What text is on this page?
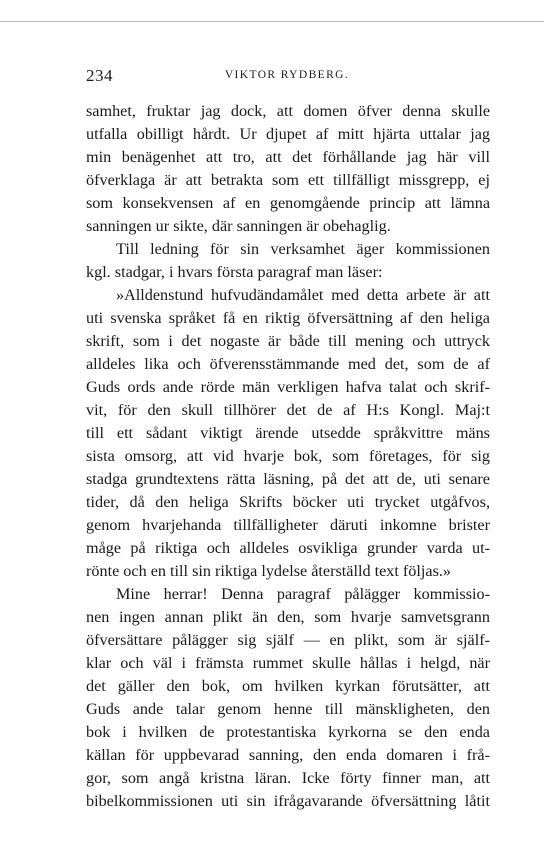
234	VIKTOR RYDBERG.
samhet, fruktar jag dock, att domen öfver denna skulle
utfalla obilligt hårdt. Ur djupet af mitt hjärta uttalar jag
min benägenhet att tro, att det förhållande jag här vill
öfverklaga är att betrakta som ett tillfälligt missgrepp, ej
som konsekvensen af en genomgående princip att lämna
sanningen ur sikte, där sanningen är obehaglig.
Till ledning för sin verksamhet äger kommissionen
kgl. stadgar, i hvars första paragraf man läser:
»Alldenstund hufvudändamålet med detta arbete är att
uti svenska språket få en riktig öfversättning af den heliga
skrift, som i det nogaste är både till mening och uttryck
alldeles lika och öfverensstämmande med det, som de af
Guds ords ande rörde män verkligen hafva talat och skrif-
vit, för den skull tillhörer det de af H:s Kongl. Maj:t
till ett sådant viktigt ärende utsedde språkvittre mäns
sista omsorg, att vid hvarje bok, som företages, för sig
stadga grundtextens rätta läsning, på det att de, uti senare
tider, då den heliga Skrifts böcker uti trycket utgåfvos,
genom hvarjehanda tillfälligheter däruti inkomne brister
måge på riktiga och alldeles osvikliga grunder varda ut-
rönte och en till sin riktiga lydelse återställd text följas.»
Mine herrar! Denna paragraf pålägger kommissio-
nen ingen annan plikt än den, som hvarje samvetsgrann
öfversättare pålägger sig själf — en plikt, som är själf-
klar och väl i främsta rummet skulle hållas i helgd, när
det gäller den bok, om hvilken kyrkan förutsätter, att
Guds ande talar genom henne till mänskligheten, den
bok i hvilken de protestantiska kyrkorna se den enda
källan för uppbevarad sanning, den enda domaren i frå-
gor, som angå kristna läran. Icke förty finner man, att
bibelkommissionen uti sin ifrågavarande öfversättning låtit
